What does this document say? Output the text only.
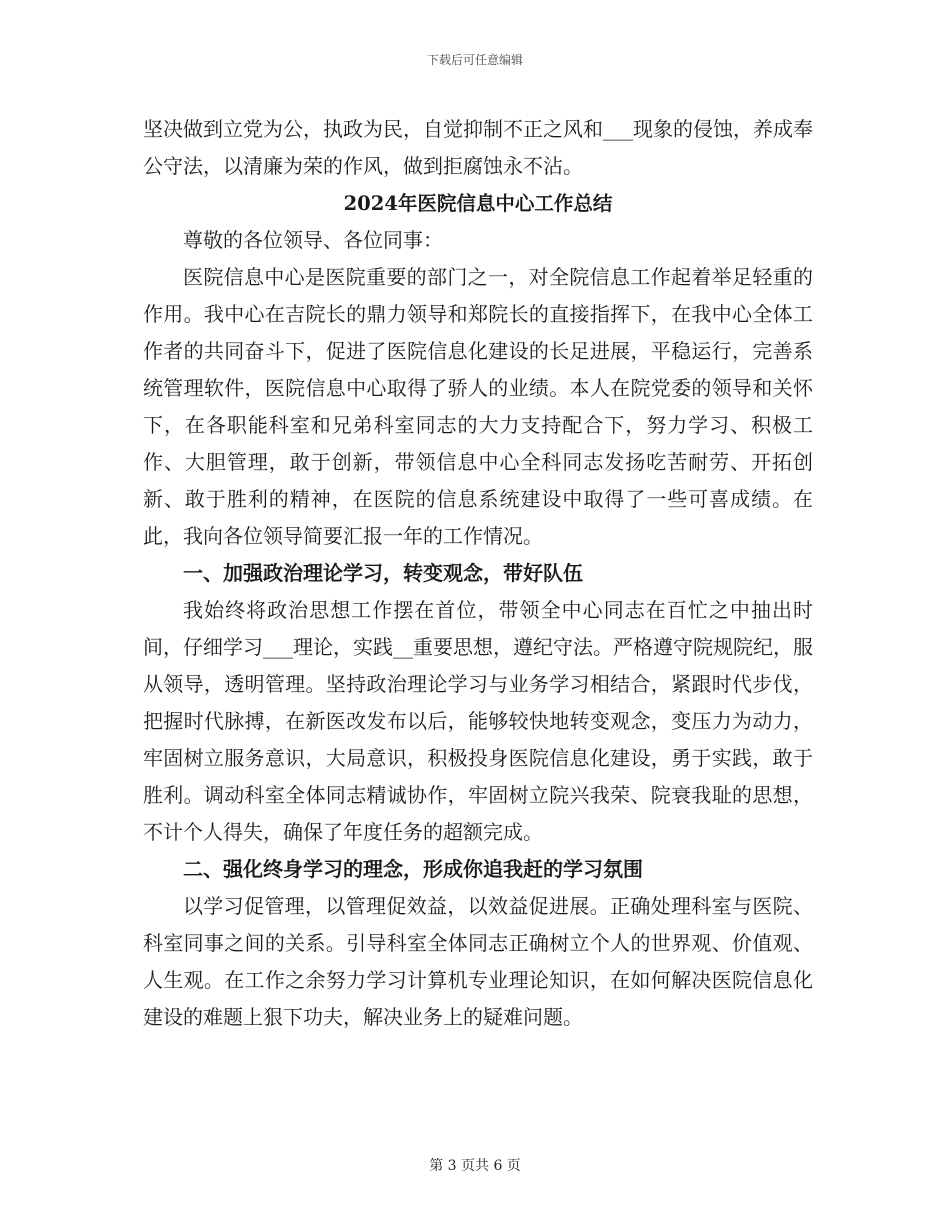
下载后可任意编辑

坚决做到立党为公，执政为民，自觉抑制不正之风和___现象的侵蚀，养成奉公守法，以清廉为荣的作风，做到拒腐蚀永不沾。

2024年医院信息中心工作总结

尊敬的各位领导、各位同事：

医院信息中心是医院重要的部门之一，对全院信息工作起着举足轻重的作用。我中心在吉院长的鼎力领导和郑院长的直接指挥下，在我中心全体工作者的共同奋斗下，促进了医院信息化建设的长足进展，平稳运行，完善系统管理软件，医院信息中心取得了骄人的业绩。本人在院党委的领导和关怀下，在各职能科室和兄弟科室同志的大力支持配合下，努力学习、积极工作、大胆管理，敢于创新，带领信息中心全科同志发扬吃苦耐劳、开拓创新、敢于胜利的精神，在医院的信息系统建设中取得了一些可喜成绩。在此，我向各位领导简要汇报一年的工作情况。

一、加强政治理论学习，转变观念，带好队伍

我始终将政治思想工作摆在首位，带领全中心同志在百忙之中抽出时间，仔细学习___理论，实践__重要思想，遵纪守法。严格遵守院规院纪，服从领导，透明管理。坚持政治理论学习与业务学习相结合，紧跟时代步伐，把握时代脉搏，在新医改发布以后，能够较快地转变观念，变压力为动力，牢固树立服务意识，大局意识，积极投身医院信息化建设，勇于实践，敢于胜利。调动科室全体同志精诚协作，牢固树立院兴我荣、院衰我耻的思想，不计个人得失，确保了年度任务的超额完成。

二、强化终身学习的理念，形成你追我赶的学习氛围

以学习促管理，以管理促效益，以效益促进展。正确处理科室与医院、科室同事之间的关系。引导科室全体同志正确树立个人的世界观、价值观、人生观。在工作之余努力学习计算机专业理论知识，在如何解决医院信息化建设的难题上狠下功夫，解决业务上的疑难问题。

第 3 页共 6 页
